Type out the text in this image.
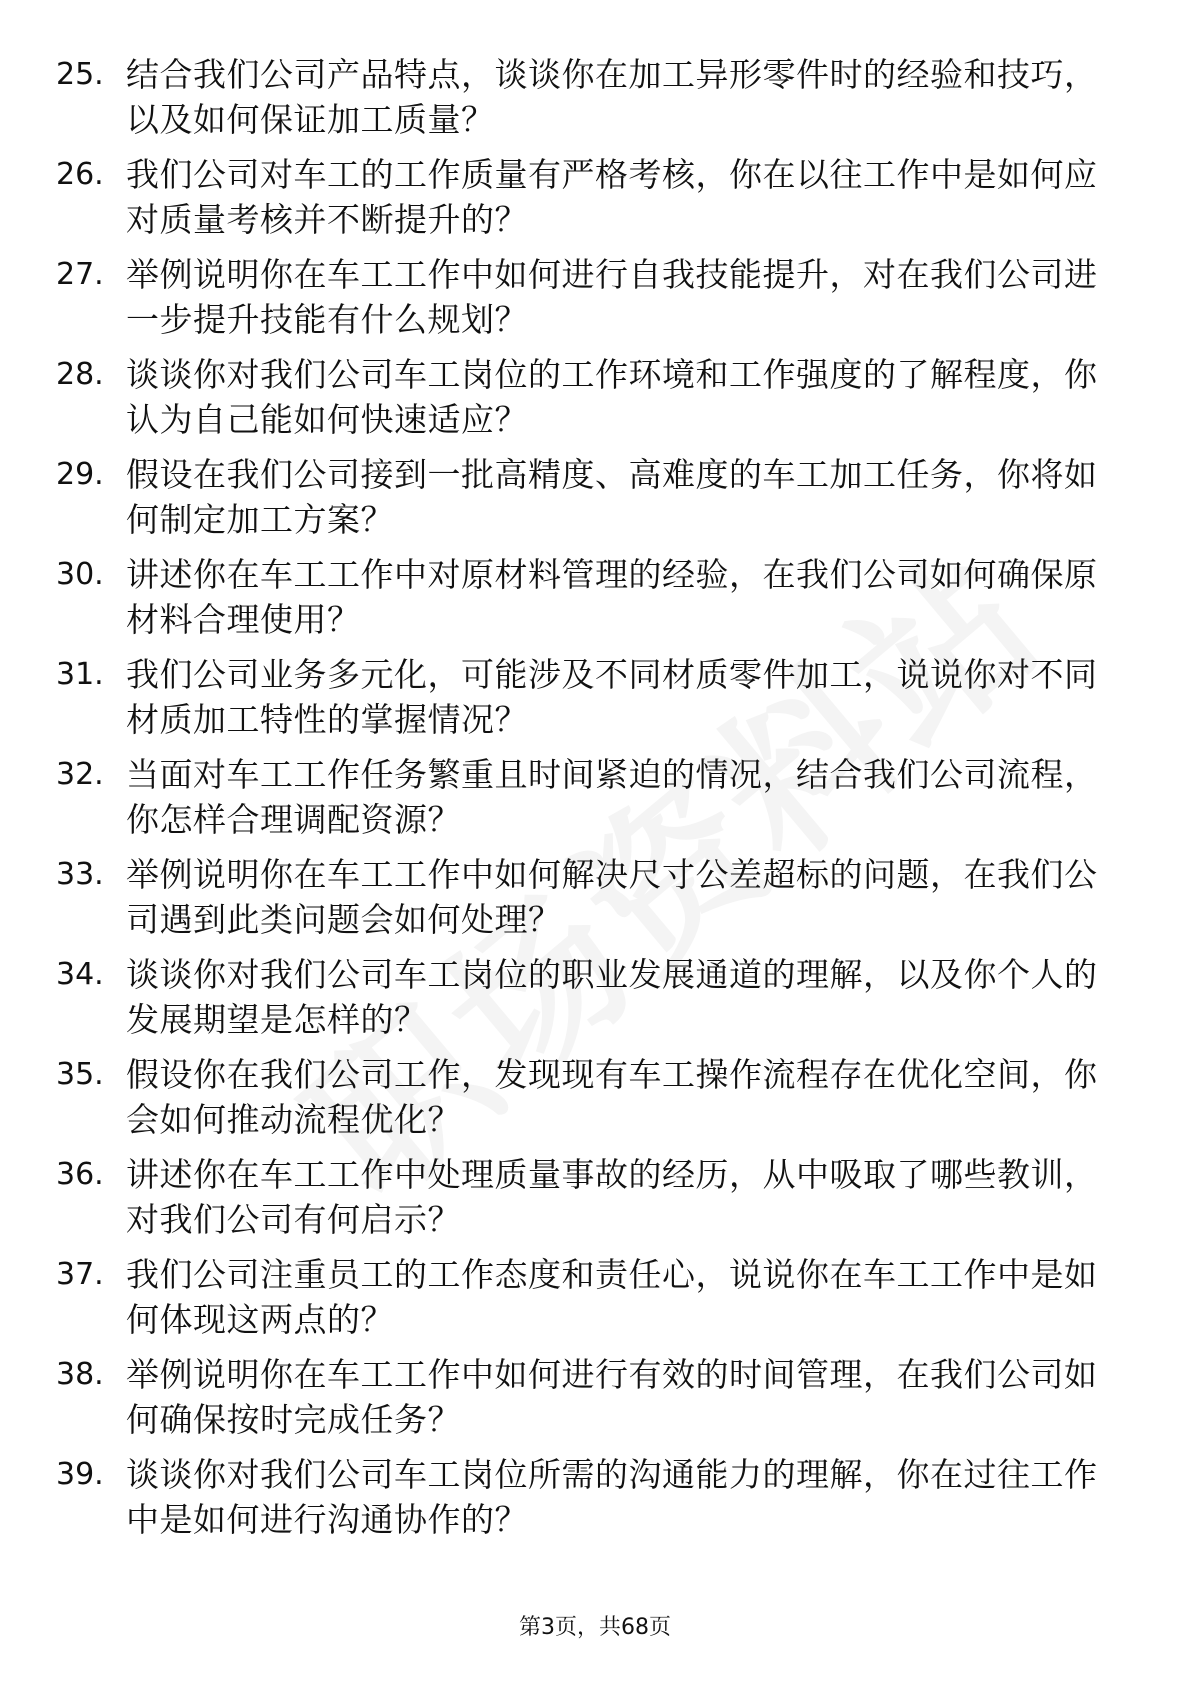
25. 结合我们公司产品特点，谈谈你在加工异形零件时的经验和技巧，以及如何保证加工质量？
26. 我们公司对车工的工作质量有严格考核，你在以往工作中是如何应对质量考核并不断提升的？
27. 举例说明你在车工工作中如何进行自我技能提升，对在我们公司进一步提升技能有什么规划？
28. 谈谈你对我们公司车工岗位的工作环境和工作强度的了解程度，你认为自己能如何快速适应？
29. 假设在我们公司接到一批高精度、高难度的车工加工任务，你将如何制定加工方案？
30. 讲述你在车工工作中对原材料管理的经验，在我们公司如何确保原材料合理使用？
31. 我们公司业务多元化，可能涉及不同材质零件加工，说说你对不同材质加工特性的掌握情况？
32. 当面对车工工作任务繁重且时间紧迫的情况，结合我们公司流程，你怎样合理调配资源？
33. 举例说明你在车工工作中如何解决尺寸公差超标的问题，在我们公司遇到此类问题会如何处理？
34. 谈谈你对我们公司车工岗位的职业发展通道的理解，以及你个人的发展期望是怎样的？
35. 假设你在我们公司工作，发现现有车工操作流程存在优化空间，你会如何推动流程优化？
36. 讲述你在车工工作中处理质量事故的经历，从中吸取了哪些教训，对我们公司有何启示？
37. 我们公司注重员工的工作态度和责任心，说说你在车工工作中是如何体现这两点的？
38. 举例说明你在车工工作中如何进行有效的时间管理，在我们公司如何确保按时完成任务？
39. 谈谈你对我们公司车工岗位所需的沟通能力的理解，你在过往工作中是如何进行沟通协作的？
第3页，共68页
